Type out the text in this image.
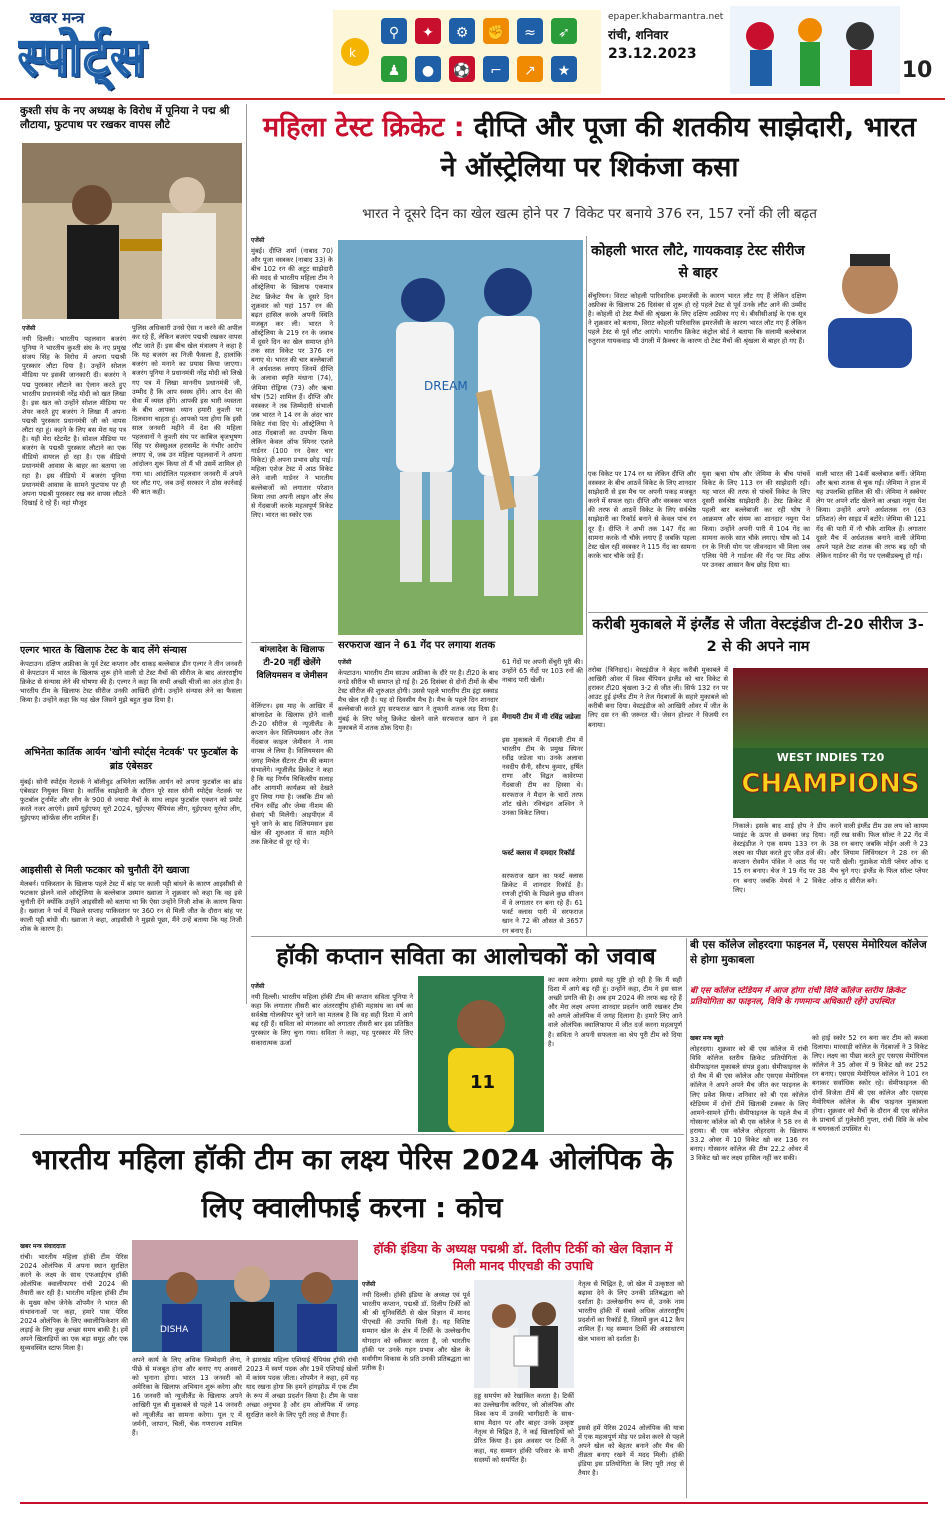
खबर मन्त्र
स्पोर्ट्स	k
⚲ ✦ ⚙ ✊ ≈ ➶
♟ ● ⚽ ⌐ ↗ ★
epaper.khabarmantra.net
रांची, शनिवार
23.12.2023
10
कुश्ती संघ के नए अध्यक्ष के विरोध में पूनिया ने पद्म श्री लौटाया, फुटपाथ पर रखकर वापस लौटे
एजेंसी
नयी दिल्ली। भारतीय पहलवान बजरंग पूनिया ने भारतीय कुश्ती संघ के नए प्रमुख संजय सिंह के विरोध में अपना पद्मश्री पुरस्कार लौटा दिया है। उन्होंने सोशल मीडिया पर इसकी जानकारी दी। बजरंग ने पद्म पुरस्कार लौटाने का ऐलान करते हुए भारतीय प्रधानमंत्री नरेंद्र मोदी को खत लिखा है। इस खत को उन्होंने सोशल मीडिया पर शेयर करते हुए बजरंग ने लिखा मैं अपना पद्मश्री पुरस्कार प्रधानमंत्री जी को वापस लौटा रहा हूं। कहने के लिए बस मेरा यह पत्र है। यही मेरा स्टेटमेंट है। सोशल मीडिया पर बजरंग के पद्मश्री पुरस्कार लौटाने का एक वीडियो वायरल हो रहा है। एक वीडियो प्रधानमंत्री आवास के बाहर का बताया जा रहा है। इस वीडियो में बजरंग पूनिया प्रधानमंत्री आवास के सामने फुटपाथ पर ही अपना पद्मश्री पुरस्कार रख कर वापस लौटते दिखाई दे रहे हैं। वहां मौजूद
पुलिस अधिकारी उनसे ऐसा न करने की अपील कर रहे हैं, लेकिन बजरंग पद्मश्री रखकर वापस लौट जाते हैं। इस बीच खेल मंत्रालय ने कहा है कि यह बजरंग का निजी फैसला है, हालांकि बजरंग को मनाने का प्रयास किया जाएगा। बजरंग पूनिया ने प्रधानमंत्री नरेंद्र मोदी को लिखे गए पत्र में लिखा माननीय प्रधानमंत्री जी, उम्मीद है कि आप स्वस्थ होंगे। आप देश की सेवा में व्यस्त होंगे। आपकी इस भारी व्यस्तता के बीच आपका ध्यान हमारी कुश्ती पर दिलवाना चाहता हूं। आपको पता होगा कि इसी साल जनवरी महीने में देश की महिला पहलवानों ने कुश्ती संघ पर काबिज बृजभूषण सिंह पर सेक्सुअल हरासमेंट के गंभीर आरोप लगाए थे, जब उन महिला पहलवानों ने अपना आंदोलन शुरू किया तो मैं भी उसमें शामिल हो गया था। आंदोलित पहलवान जनवरी में अपने घर लौट गए, जब उन्हें सरकार ने ठोस कार्रवाई की बात कही।
महिला टेस्ट क्रिकेट : दीप्ति और पूजा की शतकीय साझेदारी, भारत ने ऑस्ट्रेलिया पर शिकंजा कसा
भारत ने दूसरे दिन का खेल खत्म होने पर 7 विकेट पर बनाये 376 रन, 157 रनों की ली बढ़त
एजेंसी
मुंबई। दीप्ति शर्मा (नाबाद 70) और पूजा वस्त्रकर (नाबाद 33) के बीच 102 रन की अटूट साझेदारी की मदद से भारतीय महिला टीम ने ऑस्ट्रेलिया के खिलाफ एकमात्र टेस्ट क्रिकेट मैच के दूसरे दिन शुक्रवार को यहां 157 रन की बढ़त हासिल करके अपनी स्थिति मजबूत कर ली। भारत ने ऑस्ट्रेलिया के 219 रन के जवाब में दूसरे दिन का खेल समाप्त होने तक सात विकेट पर 376 रन बनाए थे। भारत की चार बल्लेबाजों ने अर्धशतक लगाए जिनमें दीप्ति के अलावा स्मृति मंधाना (74), जेमिमा रोड्रिग्स (73) और ऋचा घोष (52) शामिल हैं। दीप्ति और वस्त्रकर ने तब जिम्मेदारी संभाली जब भारत ने 14 रन के अंदर चार विकेट गंवा दिए थे। ऑस्ट्रेलिया ने आठ गेंदबाजों का उपयोग किया लेकिन केवल ऑफ स्पिनर एशले गार्डनर (100 रन देकर चार विकेट) ही अपना प्रभाव छोड़ पाई। महिला एशेज टेस्ट में आठ विकेट लेने वाली गार्डनर ने भारतीय बल्लेबाजों को लगातार परेशान किया तथा अपनी लाइन और लेंथ से गेंदबाजी करके महत्वपूर्ण विकेट लिए। भारत का स्कोर एक
DREAM
सरफराज खान ने 61 गेंद पर लगाया शतक
कोहली भारत लौटे, गायकवाड़ टेस्ट सीरीज से बाहर
सेंचुरियन। विराट कोहली पारिवारिक इमरजेंसी के कारण भारत लौट गए हैं लेकिन दक्षिण अफ्रीका के खिलाफ 26 दिसंबर से शुरू हो रहे पहले टेस्ट से पूर्व उनके लौट आने की उम्मीद है। कोहली दो टेस्ट मैचों की श्रृंखला के लिए दक्षिण अफ्रीका गए थे। बीसीसीआई के एक सूत्र ने शुक्रवार को बताया, विराट कोहली पारिवारिक इमरजेंसी के कारण भारत लौट गए हैं लेकिन पहले टेस्ट से पूर्व लौट आएंगे। भारतीय क्रिकेट कंट्रोल बोर्ड ने बताया कि सलामी बल्लेबाज रुतुराज गायकवाड़ भी उंगली में फ्रैक्चर के कारण दो टेस्ट मैचों की श्रृंखला से बाहर हो गए हैं।
एक विकेट पर 174 रन था लेकिन दीप्ति और वस्त्रकर के बीच आठवें विकेट के लिए शानदार साझेदारी से इस मैच पर अपनी पकड़ मजबूत करने में सफल रहा। दीप्ति और वस्त्रकर भारत की तरफ से आठवें विकेट के लिए सर्वश्रेष्ठ साझेदारी का रिकॉर्ड बनाने से केवल पांच रन दूर हैं। दीप्ति ने अभी तक 147 गेंद का सामना करके नौ चौके लगाए हैं जबकि पहला टेस्ट खेल रही वस्त्रकर ने 115 गेंद का सामना करके चार चौके जड़े हैं।
युवा ऋचा घोष और जेमिमा के बीच पांचवें विकेट के लिए 113 रन की साझेदारी रही। यह भारत की तरफ से पांचवें विकेट के लिए दूसरी सर्वश्रेष्ठ साझेदारी है। टेस्ट क्रिकेट में पहली बार बल्लेबाजी कर रही घोष ने आक्रमण और संयम का शानदार नमूना पेश किया। उन्होंने अपनी पारी में 104 गेंद का सामना करके सात चौके लगाए। घोष को 14 रन के निजी योग पर जीवनदान भी मिला जब एलिस पेरी ने गार्डनर की गेंद पर मिड ऑफ पर उनका आसान कैच छोड़ दिया था।
वाली भारत की 14वीं बल्लेबाज बनीं। जेमिमा और ऋचा शतक से चूक गईं। जेमिमा ने हाल में यह उपलब्धि हासिल की थी। जेमिमा ने स्क्वेयर लेग पर अपने शॉट खेलने का अच्छा नमूना पेश किया। उन्होंने अपने अर्धशतक रन (63 प्रतिशत) लेग साइड में बटोरे। जेमिमा की 121 गेंद की पारी में नौ चौके शामिल हैं। लगातार दूसरे मैच में अर्धशतक बनाने वाली जेमिमा अपने पहले टेस्ट शतक की तरफ बढ़ रही थी लेकिन गार्डनर की गेंद पर एलबीडब्ल्यू हो गई।
करीबी मुकाबले में इंग्लैंड से जीता वेस्टइंडीज टी-20 सीरीज 3-2 से की अपने नाम
तरोबा (त्रिनिदाद)। वेस्टइंडीज ने बेहद करीबी मुकाबले में आखिरी ओवर में विश्व चैंपियन इंग्लैंड को चार विकेट से हराकर टी20 श्रृंखला 3-2 से जीत ली। सिर्फ 132 रन पर आउट हुई इंग्लैंड टीम ने तेज गेंदबाजों के सहारे मुकाबले को करीबी बना दिया। वेस्टइंडीज को आखिरी ओवर में जीत के लिए दस रन की जरूरत थी। जेसन होल्डर ने विजयी रन बनाया।
WEST INDIES T20
CHAMPIONS
निकाले। इसके बाद शाई होप ने डीप प्वाइंट के ऊपर से छक्का जड़ दिया। वेस्टइंडीज ने एक समय 133 रन के लक्ष्य का पीछा करते हुए जीत दर्ज की। कप्तान रोवमैन पॉवेल ने आठ गेंद पर 15 रन बनाए। चेज ने 19 गेंद पर 38 रन बनाए जबकि मेयर्स ने 2 विकेट लिए।
करने वाली इंग्लैंड टीम उस लय को कायम नहीं रख सकी। फिल सॉल्ट ने 22 गेंद में 38 रन बनाए जबकि मोईन अली ने 23 और लियाम लिविंगस्टन ने 28 रन की पारी खेली। गुडाकेश मोती प्लेयर ऑफ द मैच चुने गए। इंग्लैंड के फिल सॉल्ट प्लेयर ऑफ द सीरीज बने।
एल्गर भारत के खिलाफ टेस्ट के बाद लेंगे संन्यास
केपटाउन। दक्षिण अफ्रीका के पूर्व टेस्ट कप्तान और धाकड़ बल्लेबाज डीन एल्गर ने तीन जनवरी से केपटाउन में भारत के खिलाफ शुरू होने वाली दो टेस्ट मैचों की सीरीज के बाद अंतरराष्ट्रीय क्रिकेट से संन्यास लेने की घोषणा की है। एल्गर ने कहा कि सभी अच्छी चीजों का अंत होता है। भारतीय टीम के खिलाफ टेस्ट सीरीज उनकी आखिरी होगी। उन्होंने संन्यास लेने का फैसला किया है। उन्होंने कहा कि यह खेल जिसने मुझे बहुत कुछ दिया है।
अभिनेता कार्तिक आर्यन 'खोनी स्पोर्ट्स नेटवर्क' पर फुटबॉल के ब्रांड एंबेसडर
मुंबई। सोनी स्पोर्ट्स नेटवर्क ने बॉलीवुड अभिनेता कार्तिक आर्यन को अपना फुटबॉल का ब्रांड एंबेसडर नियुक्त किया है। कार्तिक साझेदारी के दौरान पूरे साल सोनी स्पोर्ट्स नेटवर्क पर फुटबॉल टूर्नामेंट और लीग के 900 से ज्यादा मैचों के साथ लाइव फुटबॉल एक्शन को प्रमोट करते नजर आएंगे। इसमें यूईएफए यूरो 2024, यूईएफए चैंपियंस लीग, यूईएफए यूरोपा लीग, यूईएफए कॉन्फ्रेंस लीग शामिल हैं।
आइसीसी से मिली फटकार को चुनौती देंगे ख्वाजा
मेलबर्न। पाकिस्तान के खिलाफ पहले टेस्ट में बांह पर काली पट्टी बांधने के कारण आइसीसी से फटकार झेलने वाले ऑस्ट्रेलिया के बल्लेबाज उस्मान ख्वाजा ने शुक्रवार को कहा कि वह इसे चुनौती देंगे क्योंकि उन्होंने आइसीसी को बताया था कि ऐसा उन्होंने निजी शोक के कारण किया है। ख्वाजा ने पर्थ में पिछले सप्ताह पाकिस्तान पर 360 रन से मिली जीत के दौरान बांह पर काली पट्टी बांधी थी। ख्वाजा ने कहा, आइसीसी ने मुझसे पूछा, मैंने उन्हें बताया कि यह निजी शोक के कारण है।
बांग्लादेश के खिलाफ टी-20 नहीं खेलेंगे विलियमसन व जेमीसन
वेलिंग्टन। इस माह के आखिर में बांग्लादेश के खिलाफ होने वाली टी-20 सीरीज से न्यूजीलैंड के कप्तान केन विलियमसन और तेज गेंदबाज काइल जेमीसन ने नाम वापस ले लिया है। विलियमसन की जगह मिचेल सैंटनर टीम की कमान संभालेंगे। न्यूजीलैंड क्रिकेट ने कहा है कि यह निर्णय चिकित्सीय सलाह और आगामी कार्यक्रम को देखते हुए लिया गया है। जबकि टीम को रचिन रवींद्र और जेम्स नीशम की सेवाएं भी मिलेंगी। आइपीएल में चुने जाने के बाद विलियमसन इस खेल की शुरुआत में सात महीने तक क्रिकेट से दूर रहे थे।
एजेंसी
केपटाउन। भारतीय टीम साउथ अफ्रीका के दौरे पर है। टी20 के बाद वनडे सीरीज भी समाप्त हो गई है। 26 दिसंबर से दोनों टीमों के बीच टेस्ट सीरीज की शुरुआत होगी। उससे पहले भारतीय टीम इंट्रा स्क्वाड मैच खेल रही है। यह दो दिवसीय मैच है। मैच के पहले दिन शानदार बल्लेबाजी करते हुए सरफराज खान ने तूफानी शतक जड़ दिया है। मुंबई के लिए घरेलू क्रिकेट खेलने वाले सरफराज खान ने इस मुकाबले में शतक ठोक दिया है।
61 गेंदों पर अपनी सेंचुरी पूरी की। उन्होंने 65 गेंदों पर 103 रनों की नाबाद पारी खेली।
मेंगायरी टीम में मी रविंद्र जडेजा
इस मुकाबले में गेंदबाजी टीम में भारतीय टीम के प्रमुख स्पिनर रवींद्र जडेजा था। उनके अलावा नवदीप सैनी, सौरभ कुमार, हर्षित राणा और विद्वत कावेरप्पा गेंदबाजी टीम का हिस्सा थे। सरफराज ने मैदान के चारों तरफ शॉट खेले। रविचंद्रन अश्विन ने उनका विकेट लिया।
फर्स्ट क्लास में दमदार रिकॉर्ड
सरफराज खान का फर्स्ट क्लास क्रिकेट में शानदार रिकॉर्ड है। रणजी ट्रॉफी के पिछले कुछ सीजन में वे लगातार रन बना रहे हैं। 61 फर्स्ट क्लास पारी में सरफराज खान ने 72 की औसत से 3657 रन बनाए हैं।
हॉकी कप्तान सविता का आलोचकों को जवाब
एजेंसी
नयी दिल्ली। भारतीय महिला हॉकी टीम की कप्तान सविता पूनिया ने कहा कि लगातार तीसरी बार अंतरराष्ट्रीय हॉकी महासंघ का वर्ष का सर्वश्रेष्ठ गोलकीपर चुने जाने का मतलब है कि वह सही दिशा में आगे बढ़ रही हैं। सविता को मंगलवार को लगातार तीसरी बार इस प्रतिष्ठित पुरस्कार के लिए चुना गया। सविता ने कहा, यह पुरस्कार मेरे लिए सकारात्मक ऊर्जा
11
का काम करेगा। इससे यह पुष्टि हो रही है कि मैं सही दिशा में आगे बढ़ रही हूं। उन्होंने कहा, टीम ने इस साल अच्छी प्रगति की है। अब हम 2024 की तरफ बढ़ रहे हैं और मेरा लक्ष्य अपना शानदार प्रदर्शन जारी रखकर टीम को अगले ओलंपिक में जगह दिलाना है। हमारे लिए आने वाले ओलंपिक क्वालिफायर में जीत दर्ज करना महत्वपूर्ण है। सविता ने अपनी सफलता का श्रेय पूरी टीम को दिया है।
बी एस कॉलेज लोहरदगा फाइनल में, एसएस मेमोरियल कॉलेज से होगा मुकाबला
बी एस कॉलेज स्टेडियम में आज होगा रांची विवि कॉलेज स्तरीय क्रिकेट प्रतियोगिता का फाइनल, विवि के गणमान्य अधिकारी रहेंगे उपस्थित
खबर मन्त्र ब्यूरो
लोहरदगा। शुक्रवार को बी एस कॉलेज में रांची विवि कॉलेज स्तरीय क्रिकेट प्रतियोगिता के सेमीफाइनल मुकाबले संपन्न हुआ। सेमीफाइनल के दो मैच में बी एस कॉलेज और एसएस मेमोरियल कॉलेज ने अपने अपने मैच जीत कर फाइनल के लिए प्रवेश किया। शनिवार को बी एस कॉलेज स्टेडियम में दोनों टीमें खिताबी टक्कर के लिए आमने-सामने होंगी। सेमीफाइनल के पहले मैच में गोस्सनर कॉलेज को बी एस कॉलेज ने 58 रन से हराया। बी एस कॉलेज लोहरदगा के खिलाफ 33.2 ओवर में 10 विकेट खो कर 136 रन बनाए। गोस्सनर कॉलेज की टीम 22.2 ओवर में 3 विकेट खो कर लक्ष्य हासिल नहीं कर सकी।
को हाई स्कोर 52 रन बना कर टीम को कब्जा दिलाया। मारवाड़ी कॉलेज के गेंदबाजों ने 3 विकेट लिए। लक्ष्य का पीछा करते हुए एसएस मेमोरियल कॉलेज ने 35 ओवर में 9 विकेट खो कर 252 रन बनाए। एसएस मेमोरियल कॉलेज ने 101 रन बनाकर सर्वाधिक स्कोर रहे। सेमीफाइनल की दोनों विजेता टीमें बी एस कॉलेज और एसएस मेमोरियल कॉलेज के बीच फाइनल मुकाबला होगा। शुक्रवार को मैचों के दौरान बी एस कॉलेज के प्राचार्य डॉ गुलेशोरी गुप्ता, रांची विवि के कोच व चयनकर्ता उपस्थित थे।
भारतीय महिला हॉकी टीम का लक्ष्य पेरिस 2024 ओलंपिक के लिए क्वालीफाई करना : कोच
खबर मन्त्र संवाददाता
रांची। भारतीय महिला हॉकी टीम पेरिस 2024 ओलंपिक में अपना स्थान सुरक्षित करने के लक्ष्य के साथ एफआईएच हॉकी ओलंपिक क्वालीफायर रांची 2024 की तैयारी कर रही है। भारतीय महिला हॉकी टीम के मुख्य कोच जेनेके शोपमैन ने भारत की संभावनाओं पर कहा, हमारे पास पेरिस 2024 ओलंपिक के लिए क्वालीफिकेशन की लड़ाई के लिए कुछ अच्छा समय बाकी है। हमें अपने खिलाड़ियों का एक बड़ा समूह और एक सुव्यवस्थित स्टाफ मिला है।
DISHA
अपने कार्य के लिए अधिक जिम्मेदारी लेना, पीछे से मजबूत होना और बनाए गए अवसरों को भुनाना होगा। भारत 13 जनवरी को अमेरिका के खिलाफ अभियान शुरू करेगा और 16 जनवरी को न्यूजीलैंड के खिलाफ अपने आखिरी पूल बी मुकाबले से पहले 14 जनवरी को न्यूजीलैंड का सामना करेगा। पूल ए में जर्मनी, जापान, चिली, चेक गणराज्य शामिल हैं।
ने झारखंड महिला एशियाई चैंपियंस ट्रॉफी रांची 2023 में स्वर्ण पदक और 19वें एशियाई खेलों में कांस्य पदक जीता। शोपमैन ने कहा, हमें यह याद रखना होगा कि हमने हांगझोऊ में एक टीम के रूप में अच्छा प्रदर्शन किया है। टीम के पास अच्छा अनुभव है और हम ओलंपिक में जगह सुरक्षित करने के लिए पूरी तरह से तैयार हैं।
हॉकी इंडिया के अध्यक्ष पद्मश्री डॉ. दिलीप टिर्की को खेल विज्ञान में मिली मानद पीएचडी की उपाधि
एजेंसी
नयी दिल्ली। हॉकी इंडिया के अध्यक्ष एवं पूर्व भारतीय कप्तान, पद्मश्री डॉ. दिलीप टिर्की को श्री श्री यूनिवर्सिटी से खेल विज्ञान में मानद पीएचडी की उपाधि मिली है। यह विशिष्ट सम्मान खेल के क्षेत्र में टिर्की के उल्लेखनीय योगदान को स्वीकार करता है, जो भारतीय हॉकी पर उनके गहन प्रभाव और खेल के सर्वांगीण विकास के प्रति उनकी प्रतिबद्धता का प्रतीक है।
हड्ड समर्पण को रेखांकित करता है। टिर्की का उल्लेखनीय करियर, जो ओलंपिक और विश्व कप में उनकी भागीदारी के साथ-साथ मैदान पर और बाहर उनके उत्कृष्ट नेतृत्व से चिह्नित है, ने कई खिलाड़ियों को प्रेरित किया है। इस अवसर पर टिर्की ने कहा, यह सम्मान हॉकी परिवार के सभी सदस्यों को समर्पित है।
नेतृत्व से चिह्नित है, जो खेल में उत्कृष्टता को बढ़ावा देने के लिए उनकी प्रतिबद्धता को दर्शाता है। उल्लेखनीय रूप से, उनके नाम भारतीय हॉकी में सबसे अधिक अंतरराष्ट्रीय प्रदर्शनों का रिकॉर्ड है, जिसमें कुल 412 कैप शामिल हैं। यह सम्मान टिर्की की असाधारण खेल भावना को दर्शाता है।
इससे हमें पेरिस 2024 ओलंपिक की यात्रा में एक महत्वपूर्ण मोड़ पर प्रवेश करने से पहले अपने खेल को बेहतर बनाने और मैच की तीव्रता बनाए रखने में मदद मिली। हॉकी इंडिया इस प्रतियोगिता के लिए पूरी तरह से तैयार है।
